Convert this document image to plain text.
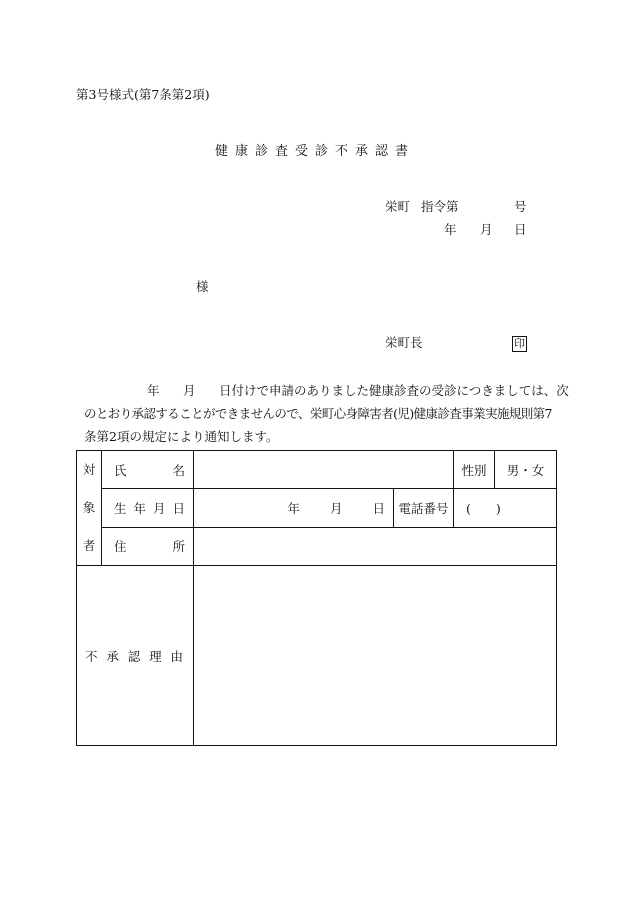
第3号様式(第7条第2項)
健康診査受診不承認書
栄町 指令第	号
年 月 日
様
栄町長	印
年 月 日付けで申請のありました健康診査の受診につきましては、次
のとおり承認することができませんので、栄町心身障害者(児)健康診査事業実施規則第7
条第2項の規定により通知します。
対
象
者	氏 名			性別	男・女

	生 年 月 日	年 月 日	電話番号	(　　)	

	住 所				

不 承 認 理 由					
